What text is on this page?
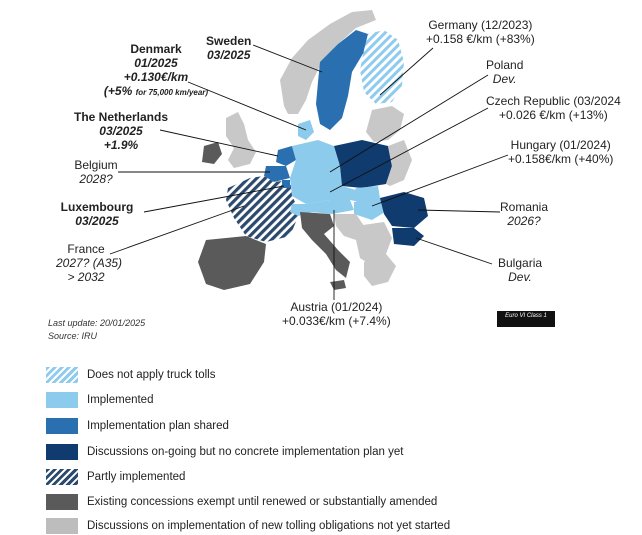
Germany (12/2023)
+0.158 €/km (+83%)
Poland
Dev.
Czech Republic (03/2024
+0.026 €/km (+13%)
Hungary (01/2024)
+0.158€/km (+40%)
Romania
2026?
Bulgaria
Dev.
Austria (01/2024)
+0.033€/km (+7.4%)
Sweden
03/2025
Denmark
01/2025
+0.130€/km
(+5% for 75,000 km/year)
The Netherlands
03/2025
+1.9%
Belgium
2028?
Luxembourg
03/2025
France
2027? (A35)
> 2032
Last update: 20/01/2025
Source: IRU
Euro VI Class 1
Does not apply truck tolls
Implemented
Implementation plan shared
Discussions on-going but no concrete implementation plan yet
Partly implemented
Existing concessions exempt until renewed or substantially amended
Discussions on implementation of new tolling obligations not yet started
